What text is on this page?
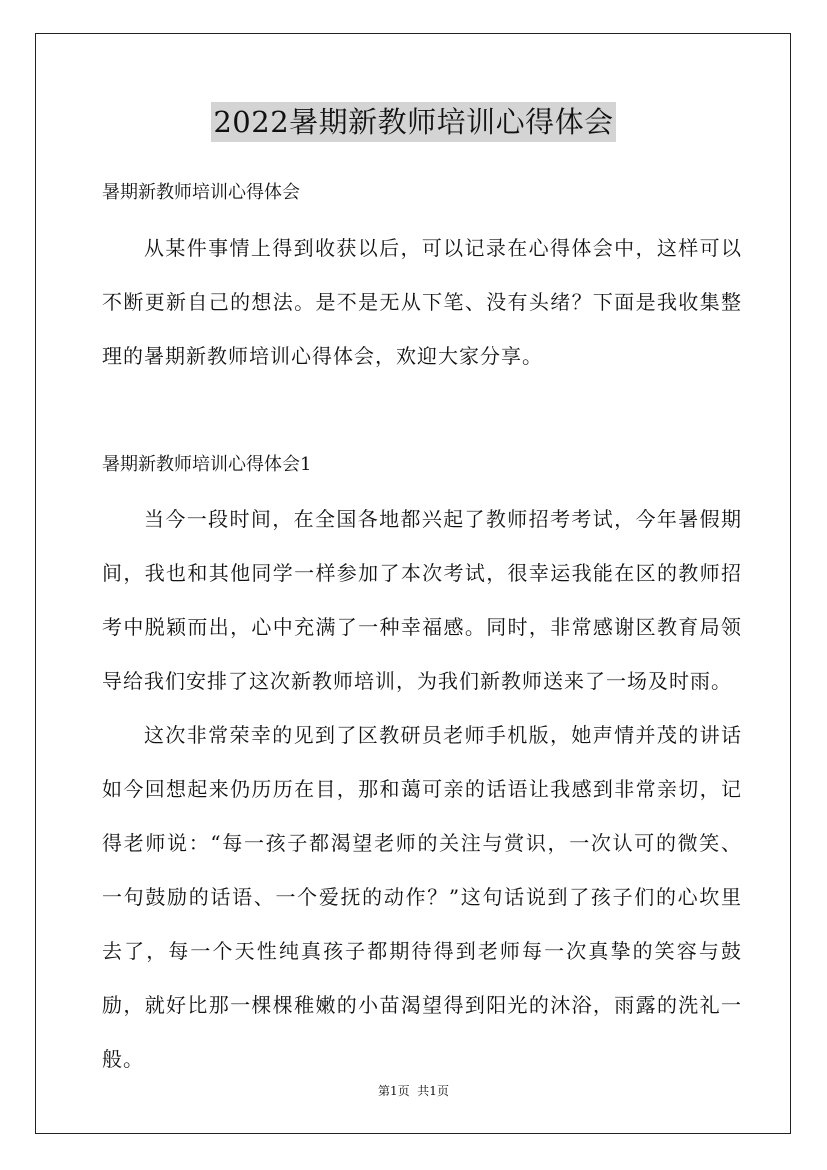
2022暑期新教师培训心得体会
暑期新教师培训心得体会

从某件事情上得到收获以后，可以记录在心得体会中，这样可以不断更新自己的想法。是不是无从下笔、没有头绪？下面是我收集整理的暑期新教师培训心得体会，欢迎大家分享。

暑期新教师培训心得体会1

当今一段时间，在全国各地都兴起了教师招考考试，今年暑假期间，我也和其他同学一样参加了本次考试，很幸运我能在区的教师招考中脱颖而出，心中充满了一种幸福感。同时，非常感谢区教育局领导给我们安排了这次新教师培训，为我们新教师送来了一场及时雨。

这次非常荣幸的见到了区教研员老师手机版，她声情并茂的讲话如今回想起来仍历历在目，那和蔼可亲的话语让我感到非常亲切，记得老师说：“每一孩子都渴望老师的关注与赏识，一次认可的微笑、一句鼓励的话语、一个爱抚的动作？”这句话说到了孩子们的心坎里去了，每一个天性纯真孩子都期待得到老师每一次真挚的笑容与鼓励，就好比那一棵棵稚嫩的小苗渴望得到阳光的沐浴，雨露的洗礼一般。

第1页  共1页
